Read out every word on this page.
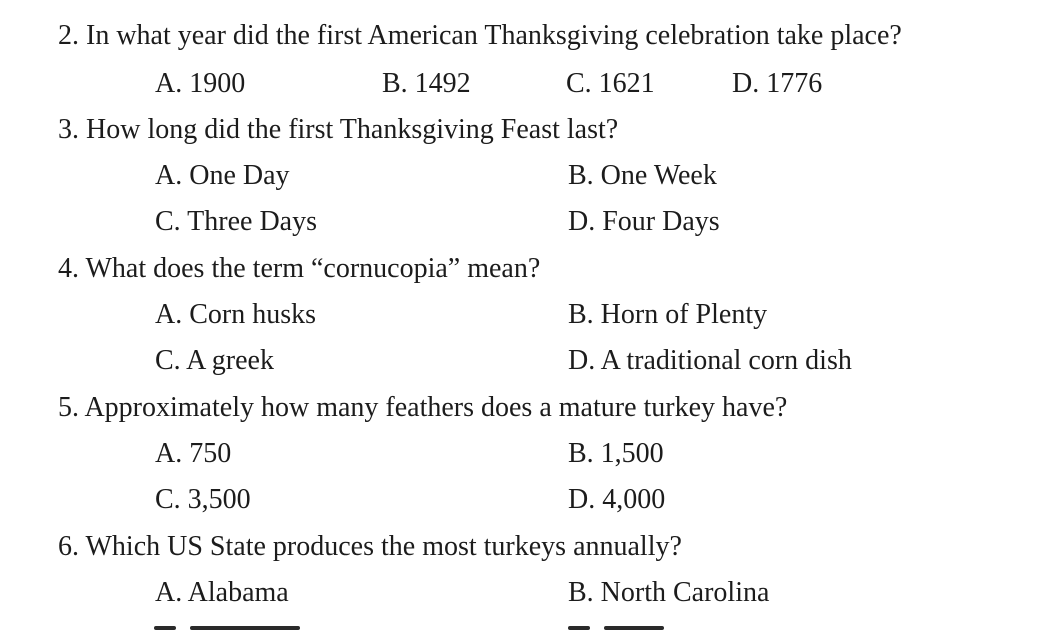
2. In what year did the first American Thanksgiving celebration take place?
A. 1900	B. 1492	C. 1621	D. 1776
3. How long did the first Thanksgiving Feast last?
A. One Day	B. One Week
C. Three Days	D. Four Days
4. What does the term “cornucopia” mean?
A. Corn husks	B. Horn of Plenty
C. A greek	D. A traditional corn dish
5. Approximately how many feathers does a mature turkey have?
A. 750	B. 1,500
C. 3,500	D. 4,000
6. Which US State produces the most turkeys annually?
A. Alabama	B. North Carolina
